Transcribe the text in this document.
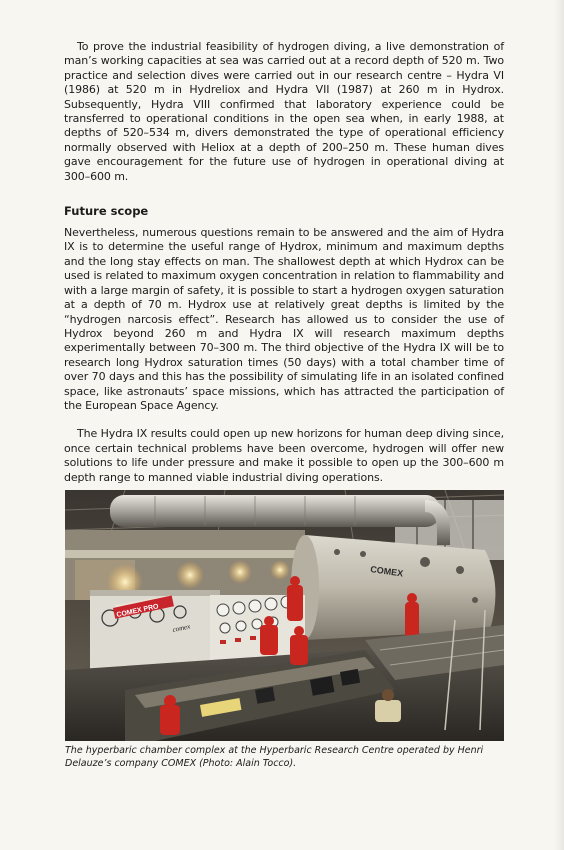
To prove the industrial feasibility of hydrogen diving, a live demonstration of man’s working capacities at sea was carried out at a record depth of 520 m. Two practice and selection dives were carried out in our research centre – Hydra VI (1986) at 520 m in Hydreliox and Hydra VII (1987) at 260 m in Hydrox. Subsequently, Hydra VIII confirmed that laboratory experience could be transferred to operational conditions in the open sea when, in early 1988, at depths of 520–534 m, divers demonstrated the type of operational efficiency normally observed with Heliox at a depth of 200–250 m. These human dives gave encouragement for the future use of hydrogen in operational diving at 300–600 m.

Future scope

Nevertheless, numerous questions remain to be answered and the aim of Hydra IX is to determine the useful range of Hydrox, minimum and maximum depths and the long stay effects on man. The shallowest depth at which Hydrox can be used is related to maximum oxygen concentration in relation to flammability and with a large margin of safety, it is possible to start a hydrogen oxygen saturation at a depth of 70 m. Hydrox use at relatively great depths is limited by the “hydrogen narcosis effect”. Research has allowed us to consider the use of Hydrox beyond 260 m and Hydra IX will research maximum depths experimentally between 70–300 m. The third objective of the Hydra IX will be to research long Hydrox saturation times (50 days) with a total chamber time of over 70 days and this has the possibility of simulating life in an isolated confined space, like astronauts’ space missions, which has attracted the participation of the European Space Agency.

The Hydra IX results could open up new horizons for human deep diving since, once certain technical problems have been overcome, hydrogen will offer new solutions to life under pressure and make it possible to open up the 300–600 m depth range to manned viable industrial diving operations.

COMEX
COMEX PRO
comex

The hyperbaric chamber complex at the Hyperbaric Research Centre operated by Henri Delauze’s company COMEX (Photo: Alain Tocco).
